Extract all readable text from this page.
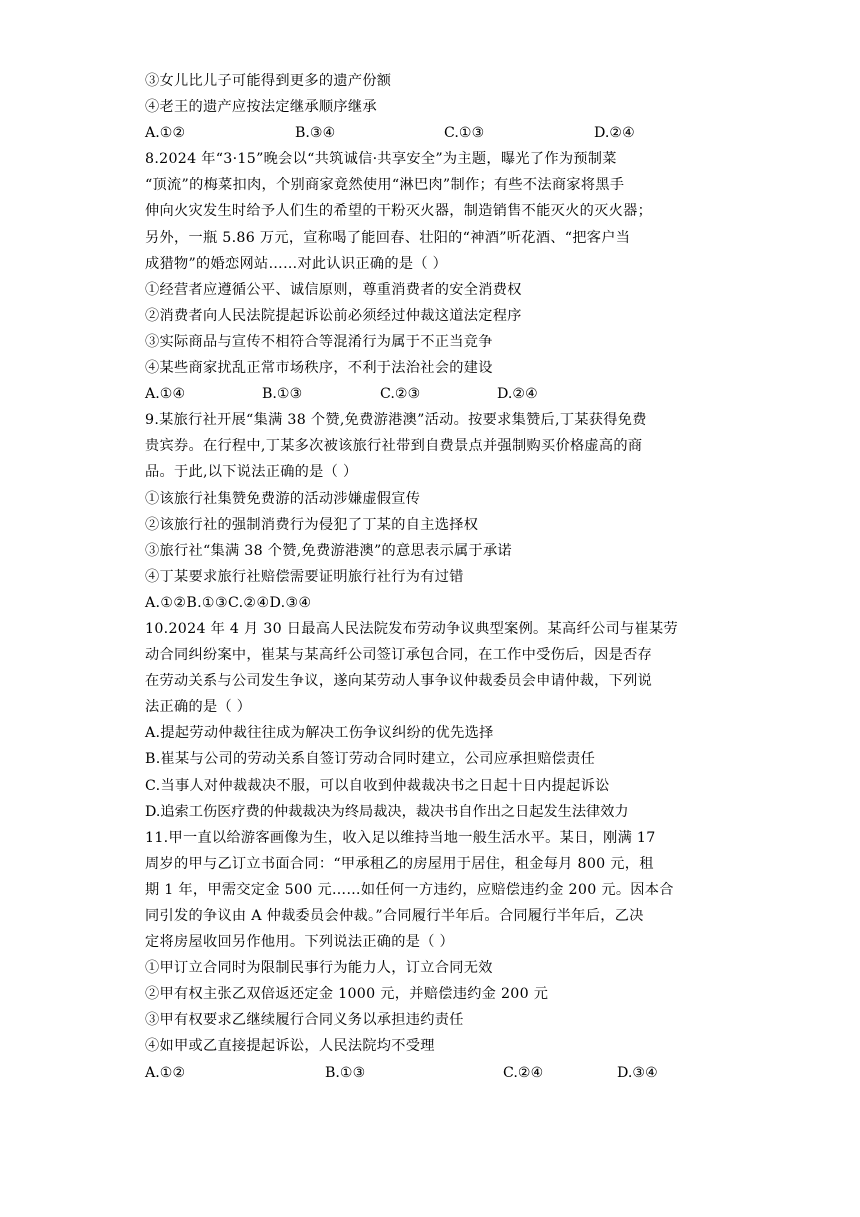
③女儿比儿子可能得到更多的遗产份额
④老王的遗产应按法定继承顺序继承
A.①②	B.③④	C.①③	D.②④
8.2024 年“3·15”晚会以“共筑诚信·共享安全”为主题，曝光了作为预制菜
“顶流”的梅菜扣肉，个别商家竟然使用“淋巴肉”制作；有些不法商家将黑手
伸向火灾发生时给予人们生的希望的干粉灭火器，制造销售不能灭火的灭火器；
另外，一瓶 5.86 万元，宣称喝了能回春、壮阳的“神酒”听花酒、“把客户当
成猎物”的婚恋网站……对此认识正确的是（ ）
①经营者应遵循公平、诚信原则，尊重消费者的安全消费权
②消费者向人民法院提起诉讼前必须经过仲裁这道法定程序
③实际商品与宣传不相符合等混淆行为属于不正当竞争
④某些商家扰乱正常市场秩序，不利于法治社会的建设
A.①④	B.①③	C.②③	D.②④
9.某旅行社开展“集满 38 个赞,免费游港澳”活动。按要求集赞后,丁某获得免费
贵宾券。在行程中,丁某多次被该旅行社带到自费景点并强制购买价格虚高的商
品。于此,以下说法正确的是（ ）
①该旅行社集赞免费游的活动涉嫌虚假宣传
②该旅行社的强制消费行为侵犯了丁某的自主选择权
③旅行社“集满 38 个赞,免费游港澳”的意思表示属于承诺
④丁某要求旅行社赔偿需要证明旅行社行为有过错
A.①②B.①③C.②④D.③④
10.2024 年 4 月 30 日最高人民法院发布劳动争议典型案例。某高纤公司与崔某劳
动合同纠纷案中，崔某与某高纤公司签订承包合同，在工作中受伤后，因是否存
在劳动关系与公司发生争议，遂向某劳动人事争议仲裁委员会申请仲裁，下列说
法正确的是（ ）
A.提起劳动仲裁往往成为解决工伤争议纠纷的优先选择
B.崔某与公司的劳动关系自签订劳动合同时建立，公司应承担赔偿责任
C.当事人对仲裁裁决不服，可以自收到仲裁裁决书之日起十日内提起诉讼
D.追索工伤医疗费的仲裁裁决为终局裁决，裁决书自作出之日起发生法律效力
11.甲一直以给游客画像为生，收入足以维持当地一般生活水平。某日，刚满 17
周岁的甲与乙订立书面合同：“甲承租乙的房屋用于居住，租金每月 800 元，租
期 1 年，甲需交定金 500 元……如任何一方违约，应赔偿违约金 200 元。因本合
同引发的争议由 A 仲裁委员会仲裁。”合同履行半年后。合同履行半年后，乙决
定将房屋收回另作他用。下列说法正确的是（ ）
①甲订立合同时为限制民事行为能力人，订立合同无效
②甲有权主张乙双倍返还定金 1000 元，并赔偿违约金 200 元
③甲有权要求乙继续履行合同义务以承担违约责任
④如甲或乙直接提起诉讼，人民法院均不受理
A.①②	B.①③	C.②④	D.③④
